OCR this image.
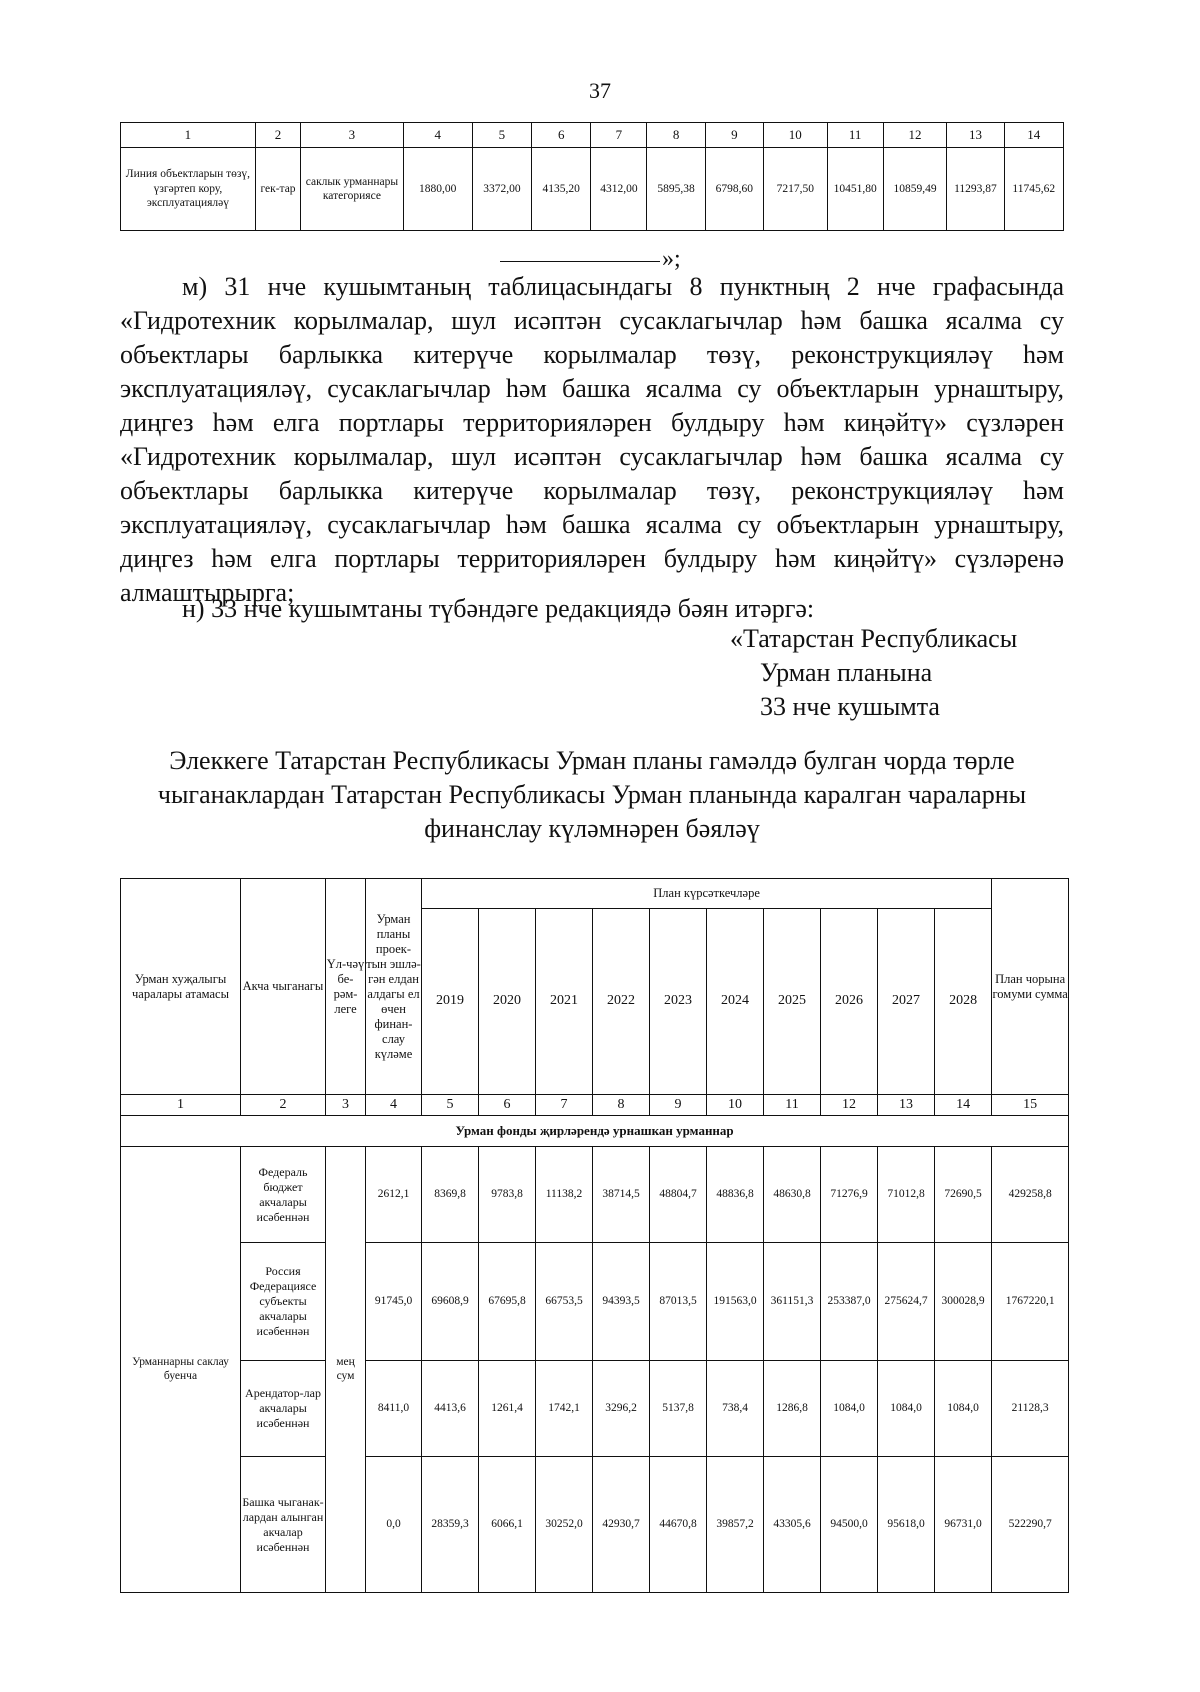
37
1	2	3	4	5	6	7	8	9	10	11	12	13	14
Линия объектларын төзү, үзгәртеп кору, эксплуатацияләү	гек-тар	саклык урманнары категориясе	1880,00	3372,00	4135,20	4312,00	5895,38	6798,60	7217,50	10451,80	10859,49	11293,87	11745,62
»;

м) 31 нче кушымтаның таблицасындагы 8 пунктның 2 нче графасында «Гидротехник корылмалар, шул исәптән сусаклагычлар һәм башка ясалма су объектлары барлыкка китерүче корылмалар төзү, реконструкцияләү һәм эксплуатацияләү, сусаклагычлар һәм башка ясалма су объектларын урнаштыру, диңгез һәм елга портлары территорияләрен булдыру һәм киңәйтү» сүзләрен «Гидротехник корылмалар, шул исәптән сусаклагычлар һәм башка ясалма су объектлары барлыкка китерүче корылмалар төзү, реконструкцияләү һәм эксплуатацияләү, сусаклагычлар һәм башка ясалма су объектларын урнаштыру, диңгез һәм елга портлары территорияләрен булдыру һәм киңәйтү» сүзләренә алмаштырырга;

н) 33 нче кушымтаны түбәндәге редакциядә бәян итәргә:

«Татарстан Республикасы
Урман планына
33 нче кушымта
Элеккеге Татарстан Республикасы Урман планы гамәлдә булган чорда төрле чыганаклардан Татарстан Республикасы Урман планында каралган чараларны финанслау күләмнәрен бәяләү
Урман хуҗалыгы чаралары атамасы	Акча чыганагы	Үл-чәү бе-рәм-леге	Урман планы проек-тын эшлә-гән елдан алдагы ел өчен финан-слау күләме	План күрсәткечләре										План чорына гомуми сумма
				2019	2020	2021	2022	2023	2024	2025	2026	2027	2028	
1	2	3	4	5	6	7	8	9	10	11	12	13	14	15
Урман фонды җирләрендә урнашкан урманнар														
Урманнарны саклау буенча	Федераль бюджет акчалары исәбеннән	мең сум	2612,1	8369,8	9783,8	11138,2	38714,5	48804,7	48836,8	48630,8	71276,9	71012,8	72690,5	429258,8
	Россия Федерациясе субъекты акчалары исәбеннән		91745,0	69608,9	67695,8	66753,5	94393,5	87013,5	191563,0	361151,3	253387,0	275624,7	300028,9	1767220,1
	Арендатор-лар акчалары исәбеннән		8411,0	4413,6	1261,4	1742,1	3296,2	5137,8	738,4	1286,8	1084,0	1084,0	1084,0	21128,3
	Башка чыганак-лардан алынган акчалар исәбеннән		0,0	28359,3	6066,1	30252,0	42930,7	44670,8	39857,2	43305,6	94500,0	95618,0	96731,0	522290,7
